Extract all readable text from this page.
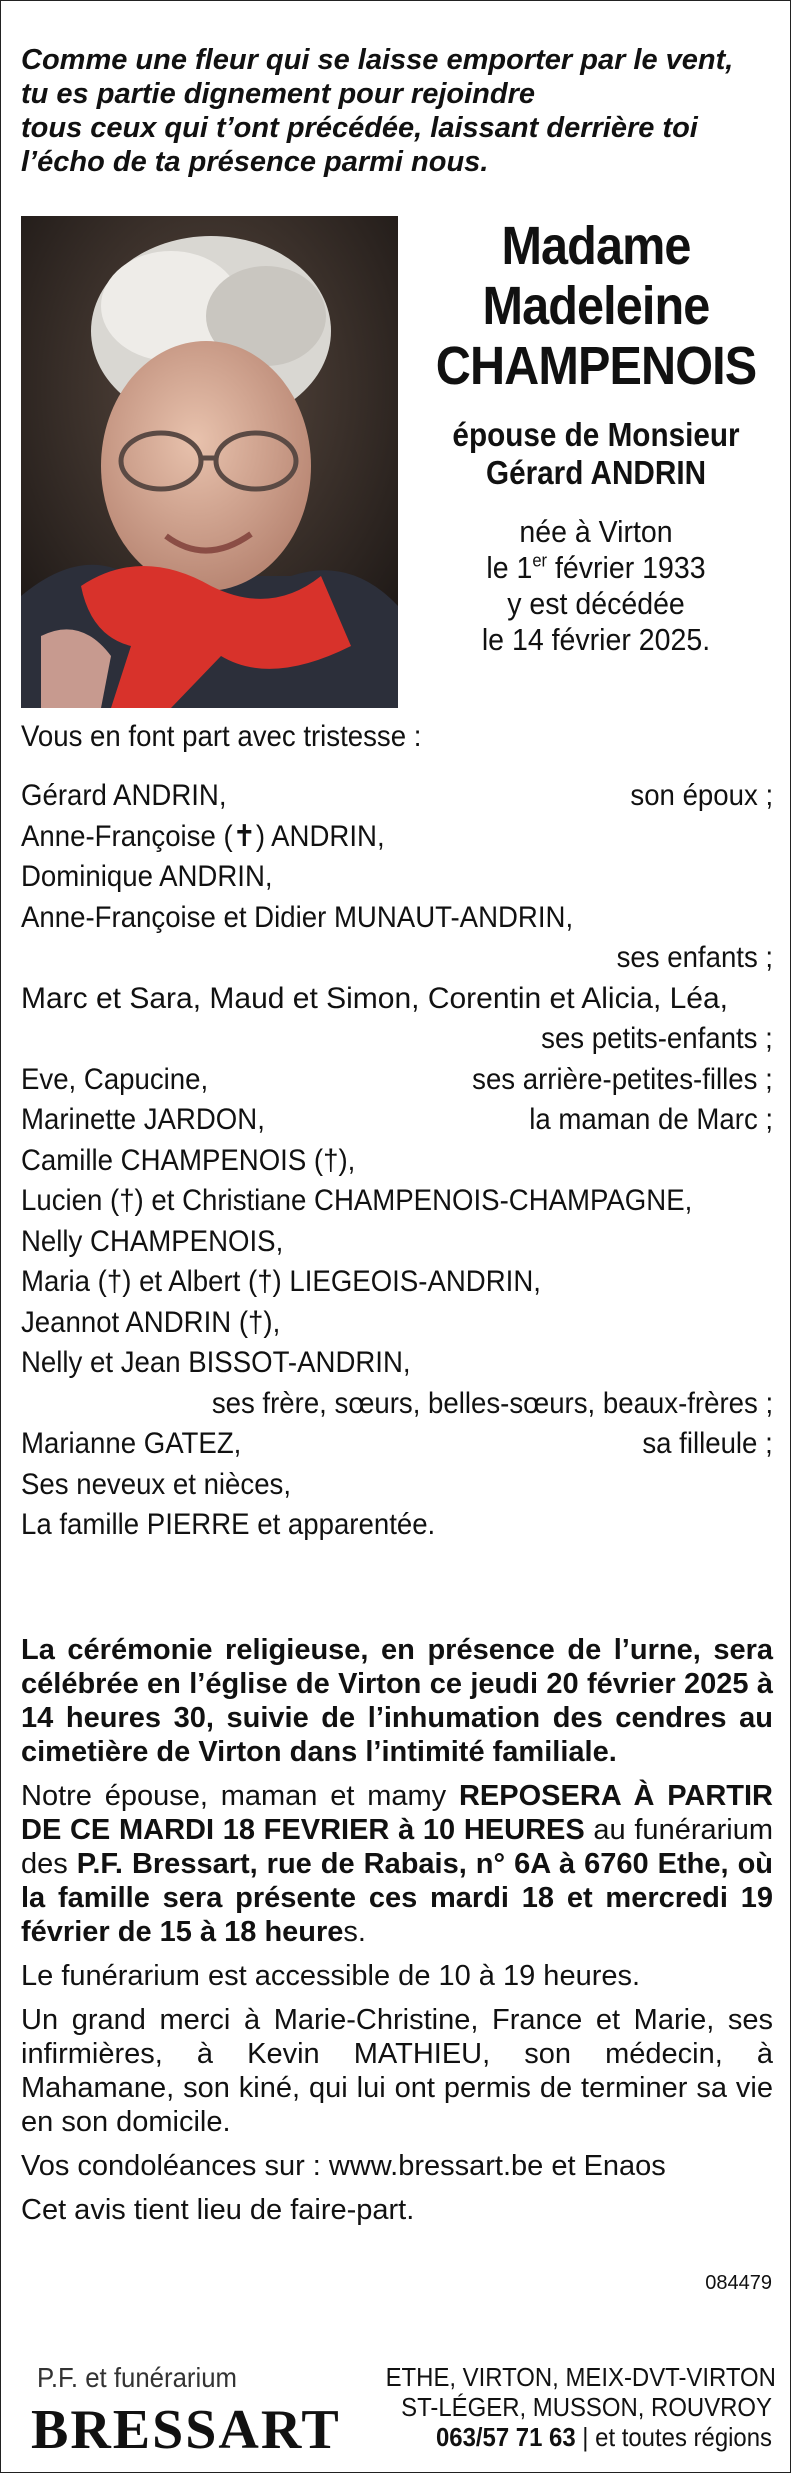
Comme une fleur qui se laisse emporter par le vent,
tu es partie dignement pour rejoindre
tous ceux qui t’ont précédée, laissant derrière toi
l’écho de ta présence parmi nous.
Madame
Madeleine
CHAMPENOIS
épouse de Monsieur
Gérard ANDRIN
née à Virton
le 1er février 1933
y est décédée
le 14 février 2025.
Vous en font part avec tristesse :
Gérard ANDRIN,	son époux ;
Anne-Françoise (✝) ANDRIN,
Dominique ANDRIN,
Anne-Françoise et Didier MUNAUT-ANDRIN,
ses enfants ;
Marc et Sara, Maud et Simon, Corentin et Alicia, Léa,
ses petits-enfants ;
Eve, Capucine,	ses arrière-petites-filles ;
Marinette JARDON,	la maman de Marc ;
Camille CHAMPENOIS (†),
Lucien (†) et Christiane CHAMPENOIS-CHAMPAGNE,
Nelly CHAMPENOIS,
Maria (†) et Albert (†) LIEGEOIS-ANDRIN,
Jeannot ANDRIN (†),
Nelly et Jean BISSOT-ANDRIN,
ses frère, sœurs, belles-sœurs, beaux-frères ;
Marianne GATEZ,	sa filleule ;
Ses neveux et nièces,
La famille PIERRE et apparentée.

La cérémonie religieuse, en présence de l’urne, sera célébrée en l’église de Virton ce jeudi 20 février 2025 à 14 heures 30, suivie de l’inhumation des cendres au cimetière de Virton dans l’intimité familiale.

Notre épouse, maman et mamy REPOSERA À PARTIR DE CE MARDI 18 FEVRIER à 10 HEURES au funérarium des P.F. Bressart, rue de Rabais, n° 6A à 6760 Ethe, où la famille sera présente ces mardi 18 et mercredi 19 février de 15 à 18 heures.

Le funérarium est accessible de 10 à 19 heures.

Un grand merci à Marie-Christine, France et Marie, ses infirmières, à Kevin MATHIEU, son médecin, à Mahamane, son kiné, qui lui ont permis de terminer sa vie en son domicile.

Vos condoléances sur : www.bressart.be et Enaos

Cet avis tient lieu de faire-part.

084479
P.F. et funérarium
BRESSART
ETHE, VIRTON, MEIX-DVT-VIRTON
ST-LÉGER, MUSSON, ROUVROY
063/57 71 63 | et toutes régions
